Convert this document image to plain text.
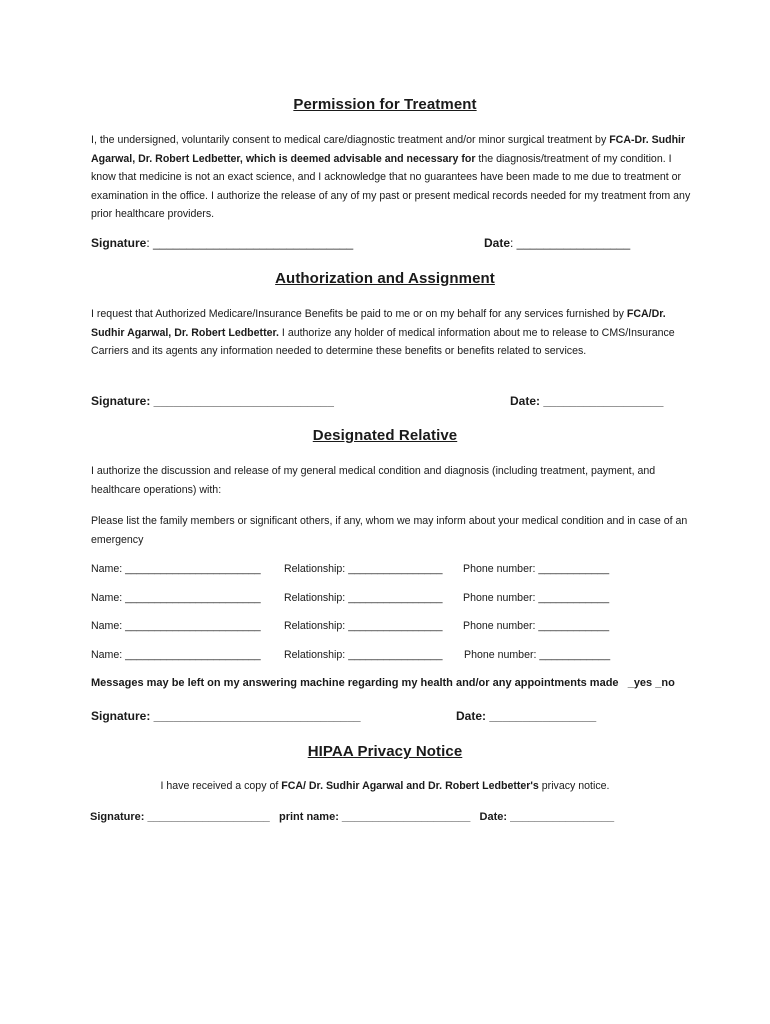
Permission for Treatment
I, the undersigned, voluntarily consent to medical care/diagnostic treatment and/or minor surgical treatment by FCA-Dr. Sudhir Agarwal, Dr. Robert Ledbetter, which is deemed advisable and necessary for the diagnosis/treatment of my condition. I know that medicine is not an exact science, and I acknowledge that no guarantees have been made to me due to treatment or examination in the office. I authorize the release of any of my past or present medical records needed for my treatment from any prior healthcare providers.
Signature: ______________________________	Date: _________________
Authorization and Assignment
I request that Authorized Medicare/Insurance Benefits be paid to me or on my behalf for any services furnished by FCA/Dr. Sudhir Agarwal, Dr. Robert Ledbetter. I authorize any holder of medical information about me to release to CMS/Insurance Carriers and its agents any information needed to determine these benefits or benefits related to services.
Signature: ___________________________	Date: __________________
Designated Relative
I authorize the discussion and release of my general medical condition and diagnosis (including treatment, payment, and healthcare operations) with:
Please list the family members or significant others, if any, whom we may inform about your medical condition and in case of an emergency
Name: _______________________ Relationship: ________________ Phone number: ____________
Name: _______________________ Relationship: ________________ Phone number: ____________
Name: _______________________ Relationship: ________________ Phone number: ____________
Name: _______________________ Relationship: ________________ Phone number: ____________
Messages may be left on my answering machine regarding my health and/or any appointments made   _yes _no
Signature: _______________________________	Date: ________________
HIPAA Privacy Notice
I have received a copy of FCA/ Dr. Sudhir Agarwal and Dr. Robert Ledbetter's privacy notice.
Signature: ____________________   print name: _____________________   Date: _________________
